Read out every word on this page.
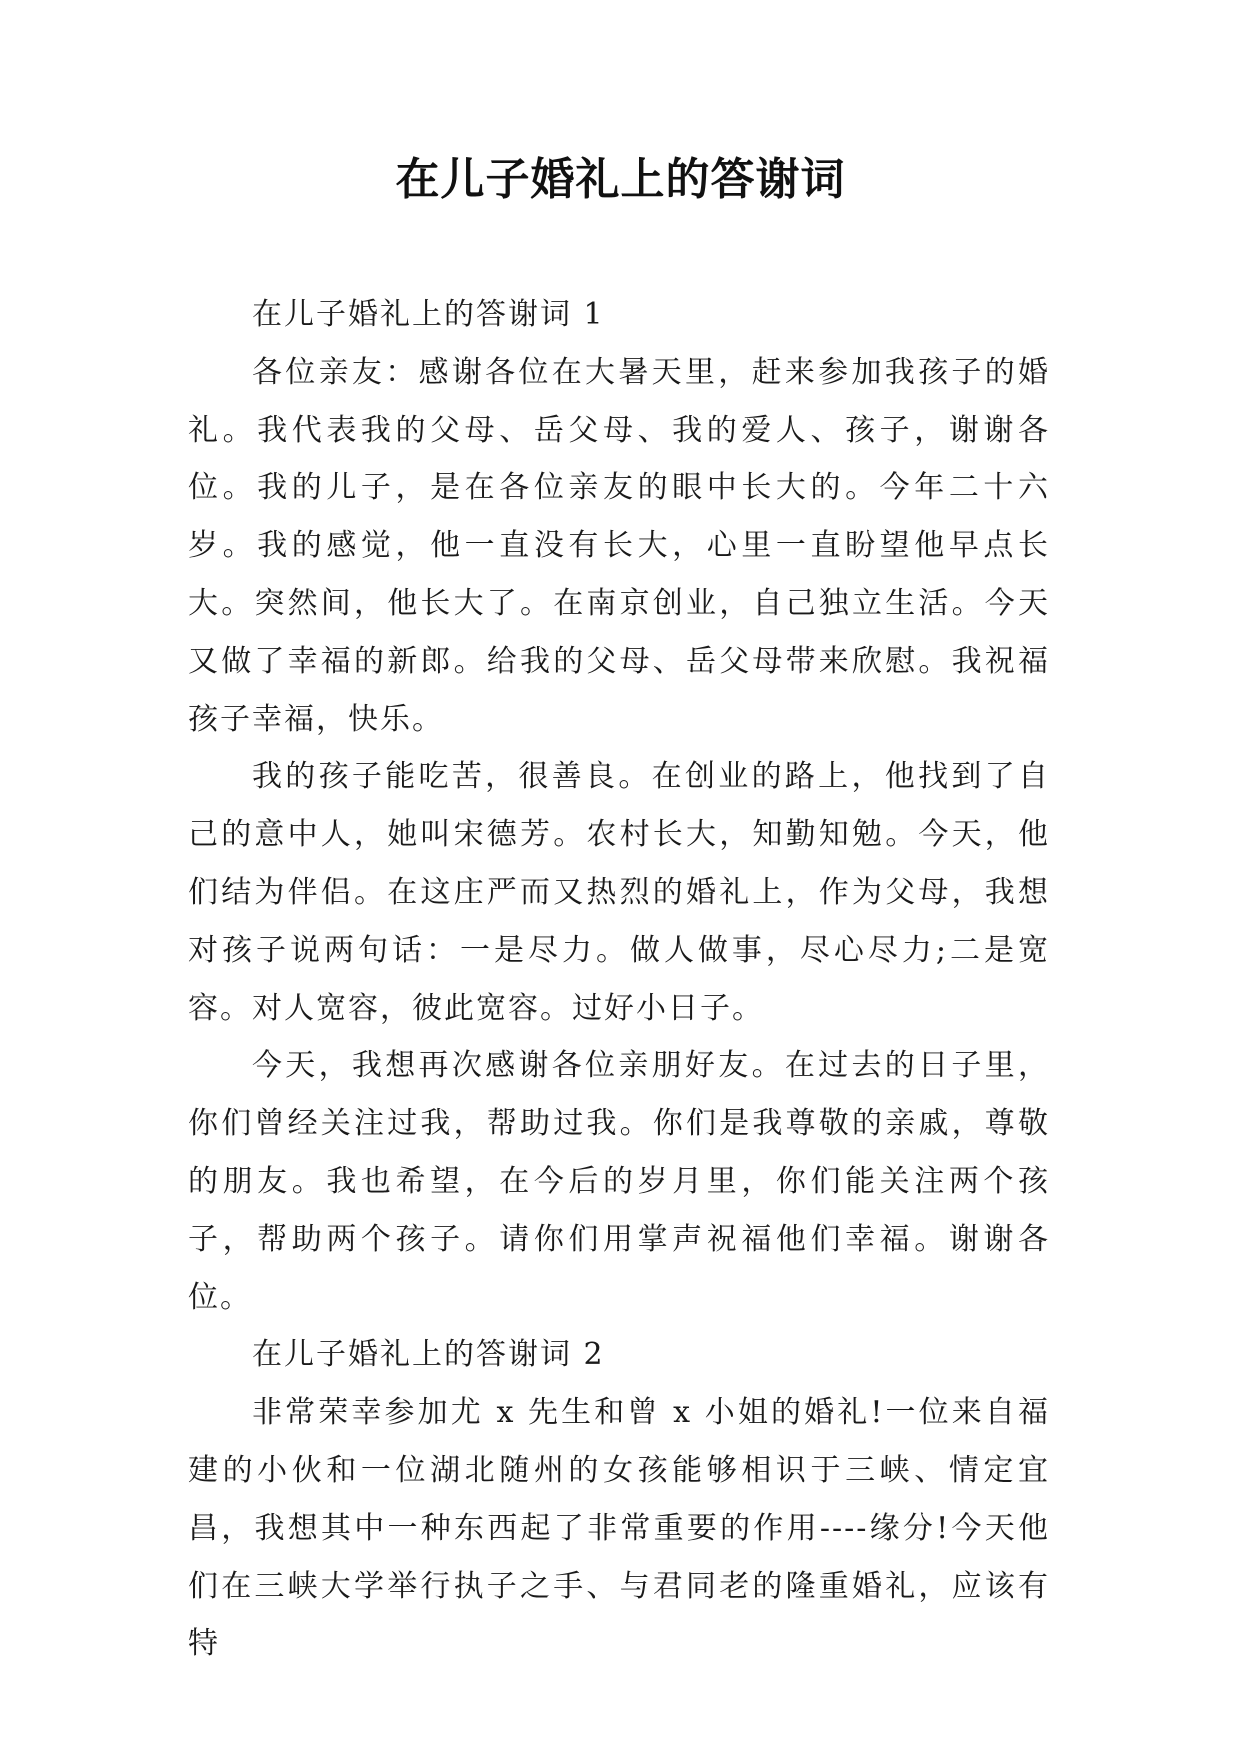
在儿子婚礼上的答谢词

在儿子婚礼上的答谢词 1

各位亲友：感谢各位在大暑天里，赶来参加我孩子的婚礼。我代表我的父母、岳父母、我的爱人、孩子，谢谢各位。我的儿子，是在各位亲友的眼中长大的。今年二十六岁。我的感觉，他一直没有长大，心里一直盼望他早点长大。突然间，他长大了。在南京创业，自己独立生活。今天又做了幸福的新郎。给我的父母、岳父母带来欣慰。我祝福孩子幸福，快乐。

我的孩子能吃苦，很善良。在创业的路上，他找到了自己的意中人，她叫宋德芳。农村长大，知勤知勉。今天，他们结为伴侣。在这庄严而又热烈的婚礼上，作为父母，我想对孩子说两句话：一是尽力。做人做事，尽心尽力;二是宽容。对人宽容，彼此宽容。过好小日子。

今天，我想再次感谢各位亲朋好友。在过去的日子里，你们曾经关注过我，帮助过我。你们是我尊敬的亲戚，尊敬的朋友。我也希望，在今后的岁月里，你们能关注两个孩子，帮助两个孩子。请你们用掌声祝福他们幸福。谢谢各位。

在儿子婚礼上的答谢词 2

非常荣幸参加尤 x 先生和曾 x 小姐的婚礼!一位来自福建的小伙和一位湖北随州的女孩能够相识于三峡、情定宜昌，我想其中一种东西起了非常重要的作用----缘分!今天他们在三峡大学举行执子之手、与君同老的隆重婚礼，应该有特
